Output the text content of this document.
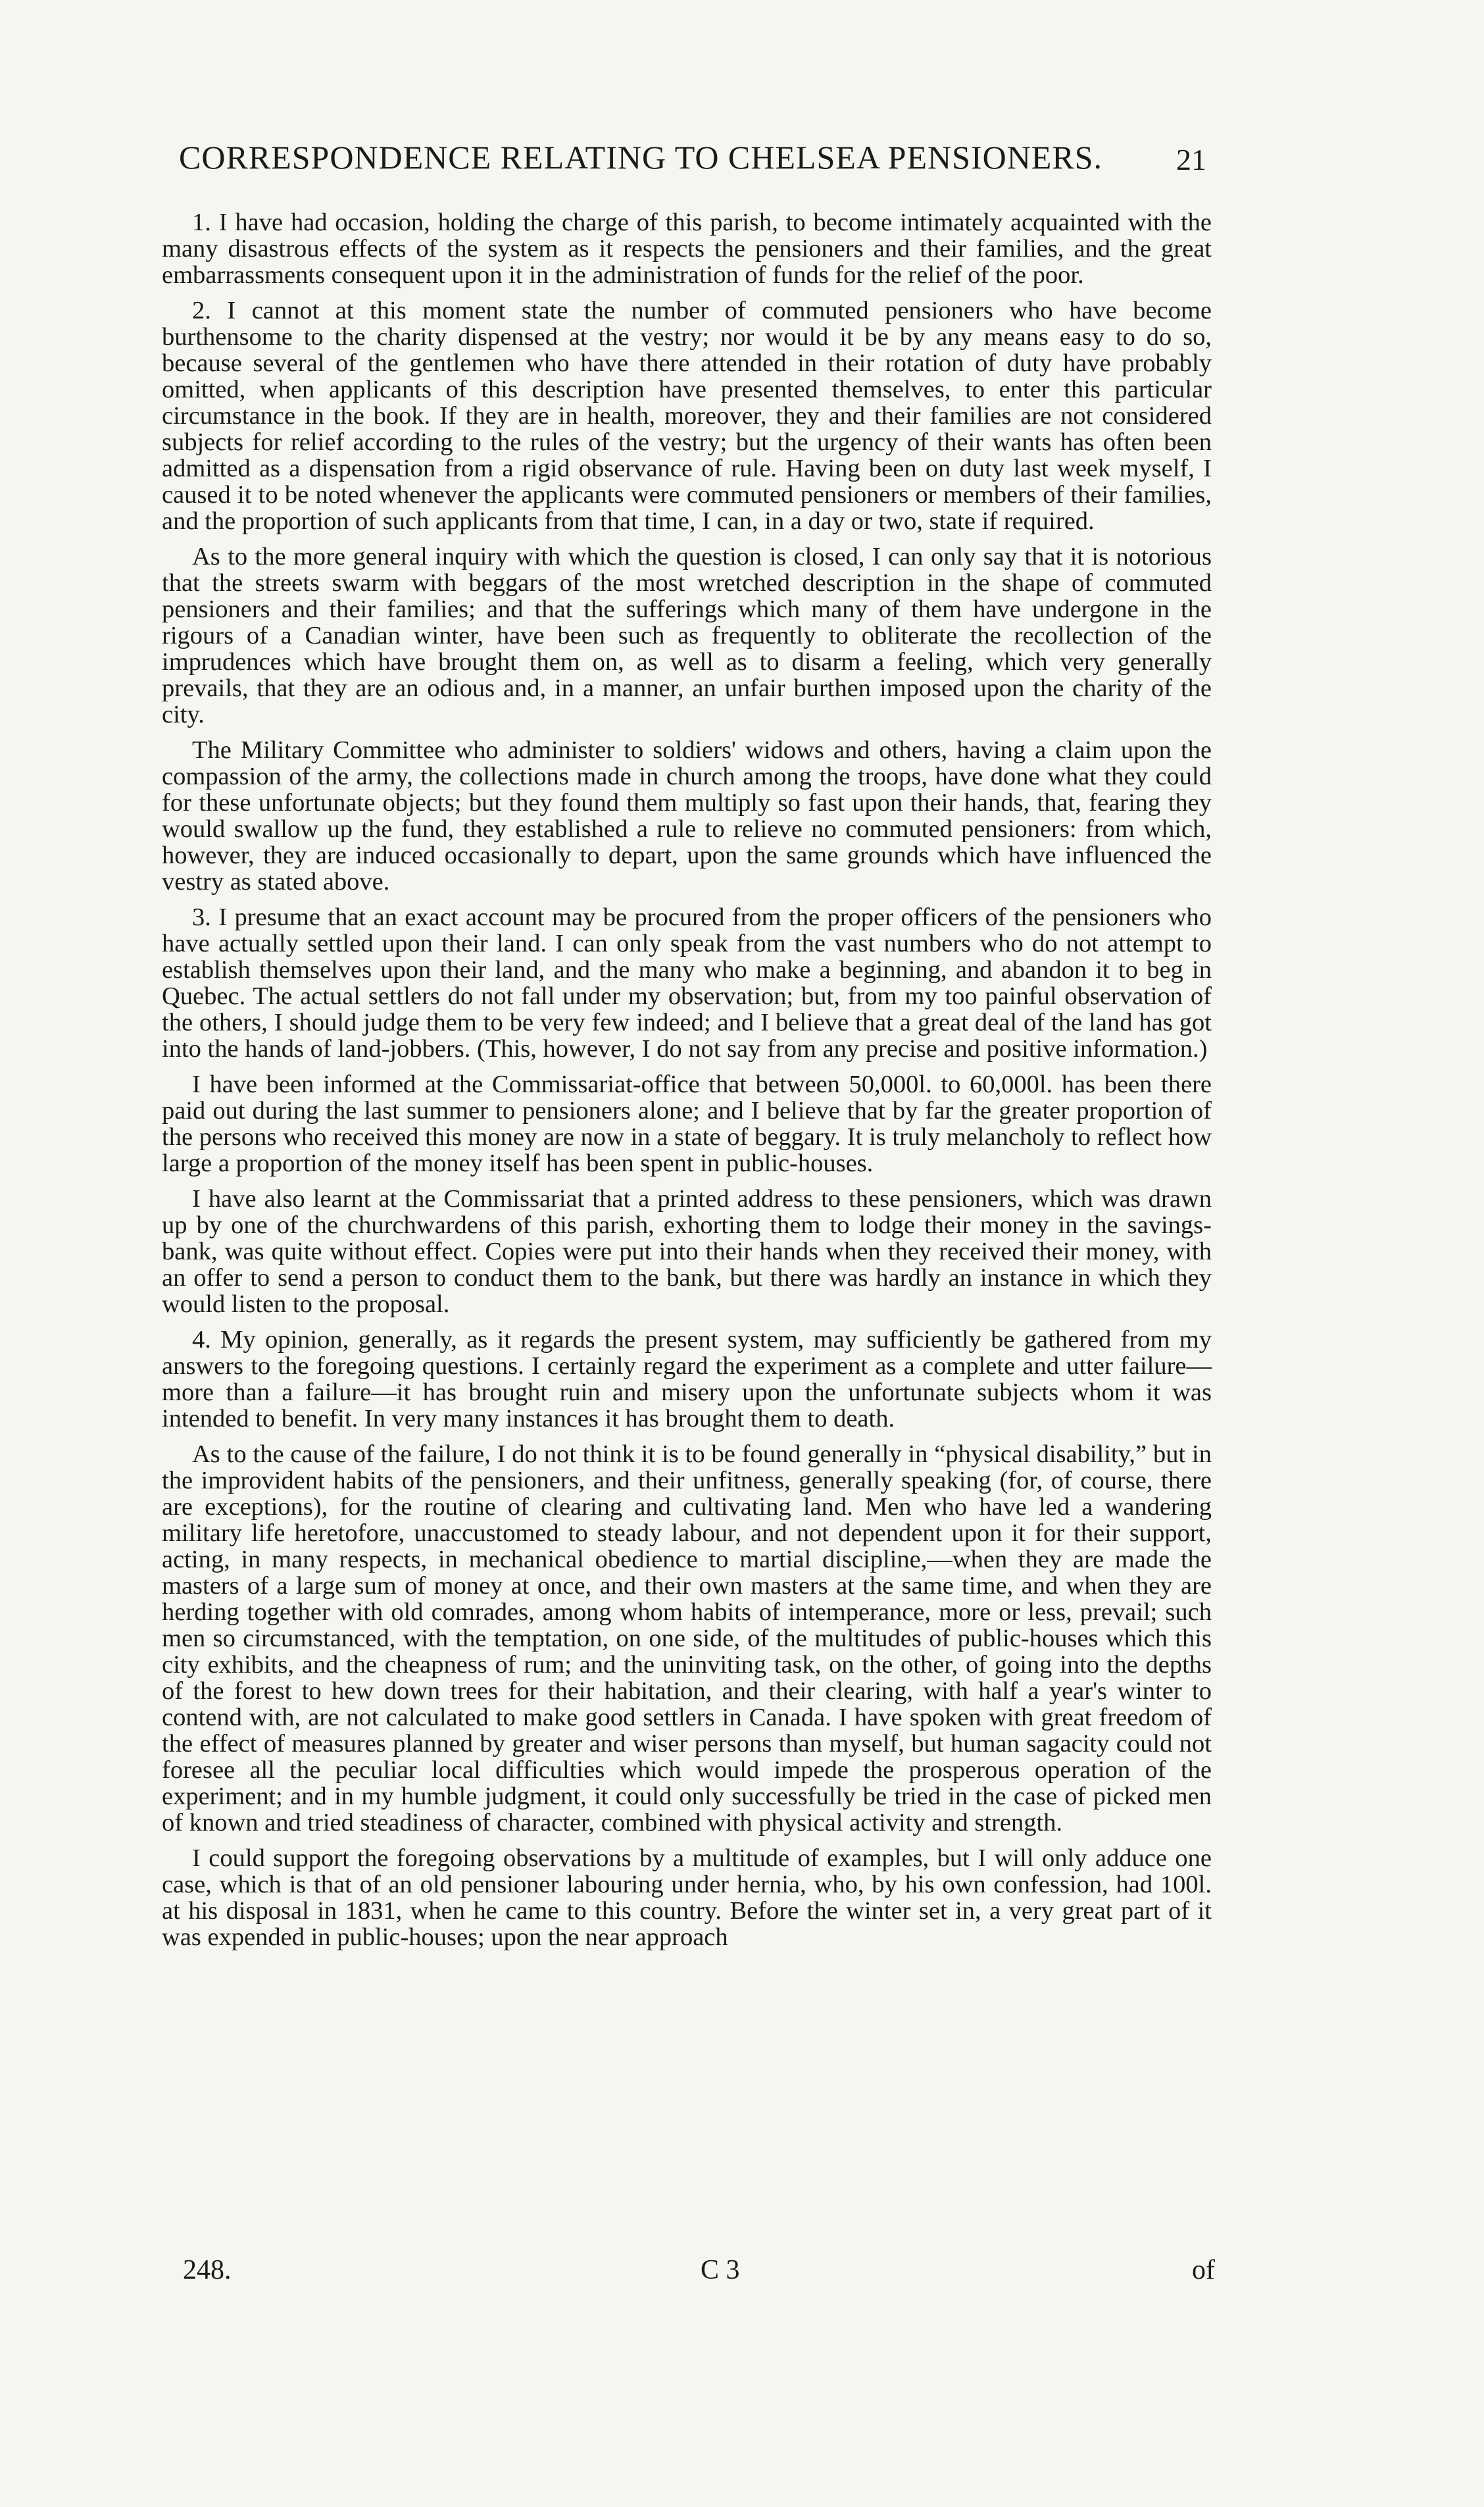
CORRESPONDENCE RELATING TO CHELSEA PENSIONERS.	21

1. I have had occasion, holding the charge of this parish, to become intimately acquainted with the many disastrous effects of the system as it respects the pensioners and their families, and the great embarrassments consequent upon it in the administration of funds for the relief of the poor.

2. I cannot at this moment state the number of commuted pensioners who have become burthensome to the charity dispensed at the vestry; nor would it be by any means easy to do so, because several of the gentlemen who have there attended in their rotation of duty have probably omitted, when applicants of this description have presented themselves, to enter this particular circumstance in the book. If they are in health, moreover, they and their families are not considered subjects for relief according to the rules of the vestry; but the urgency of their wants has often been admitted as a dispensation from a rigid observance of rule. Having been on duty last week myself, I caused it to be noted whenever the applicants were commuted pensioners or members of their families, and the proportion of such applicants from that time, I can, in a day or two, state if required.

As to the more general inquiry with which the question is closed, I can only say that it is notorious that the streets swarm with beggars of the most wretched description in the shape of commuted pensioners and their families; and that the sufferings which many of them have undergone in the rigours of a Canadian winter, have been such as frequently to obliterate the recollection of the imprudences which have brought them on, as well as to disarm a feeling, which very generally prevails, that they are an odious and, in a manner, an unfair burthen imposed upon the charity of the city.

The Military Committee who administer to soldiers' widows and others, having a claim upon the compassion of the army, the collections made in church among the troops, have done what they could for these unfortunate objects; but they found them multiply so fast upon their hands, that, fearing they would swallow up the fund, they established a rule to relieve no commuted pensioners: from which, however, they are induced occasionally to depart, upon the same grounds which have influenced the vestry as stated above.

3. I presume that an exact account may be procured from the proper officers of the pensioners who have actually settled upon their land. I can only speak from the vast numbers who do not attempt to establish themselves upon their land, and the many who make a beginning, and abandon it to beg in Quebec. The actual settlers do not fall under my observation; but, from my too painful observation of the others, I should judge them to be very few indeed; and I believe that a great deal of the land has got into the hands of land-jobbers. (This, however, I do not say from any precise and positive information.)

I have been informed at the Commissariat-office that between 50,000l. to 60,000l. has been there paid out during the last summer to pensioners alone; and I believe that by far the greater proportion of the persons who received this money are now in a state of beggary. It is truly melancholy to reflect how large a proportion of the money itself has been spent in public-houses.

I have also learnt at the Commissariat that a printed address to these pensioners, which was drawn up by one of the churchwardens of this parish, exhorting them to lodge their money in the savings-bank, was quite without effect. Copies were put into their hands when they received their money, with an offer to send a person to conduct them to the bank, but there was hardly an instance in which they would listen to the proposal.

4. My opinion, generally, as it regards the present system, may sufficiently be gathered from my answers to the foregoing questions. I certainly regard the experiment as a complete and utter failure—more than a failure—it has brought ruin and misery upon the unfortunate subjects whom it was intended to benefit. In very many instances it has brought them to death.

As to the cause of the failure, I do not think it is to be found generally in “physical disability,” but in the improvident habits of the pensioners, and their unfitness, generally speaking (for, of course, there are exceptions), for the routine of clearing and cultivating land. Men who have led a wandering military life heretofore, unaccustomed to steady labour, and not dependent upon it for their support, acting, in many respects, in mechanical obedience to martial discipline,—when they are made the masters of a large sum of money at once, and their own masters at the same time, and when they are herding together with old comrades, among whom habits of intemperance, more or less, prevail; such men so circumstanced, with the temptation, on one side, of the multitudes of public-houses which this city exhibits, and the cheapness of rum; and the uninviting task, on the other, of going into the depths of the forest to hew down trees for their habitation, and their clearing, with half a year's winter to contend with, are not calculated to make good settlers in Canada. I have spoken with great freedom of the effect of measures planned by greater and wiser persons than myself, but human sagacity could not foresee all the peculiar local difficulties which would impede the prosperous operation of the experiment; and in my humble judgment, it could only successfully be tried in the case of picked men of known and tried steadiness of character, combined with physical activity and strength.

I could support the foregoing observations by a multitude of examples, but I will only adduce one case, which is that of an old pensioner labouring under hernia, who, by his own confession, had 100l. at his disposal in 1831, when he came to this country. Before the winter set in, a very great part of it was expended in public-houses; upon the near approach

248.	C 3	of
